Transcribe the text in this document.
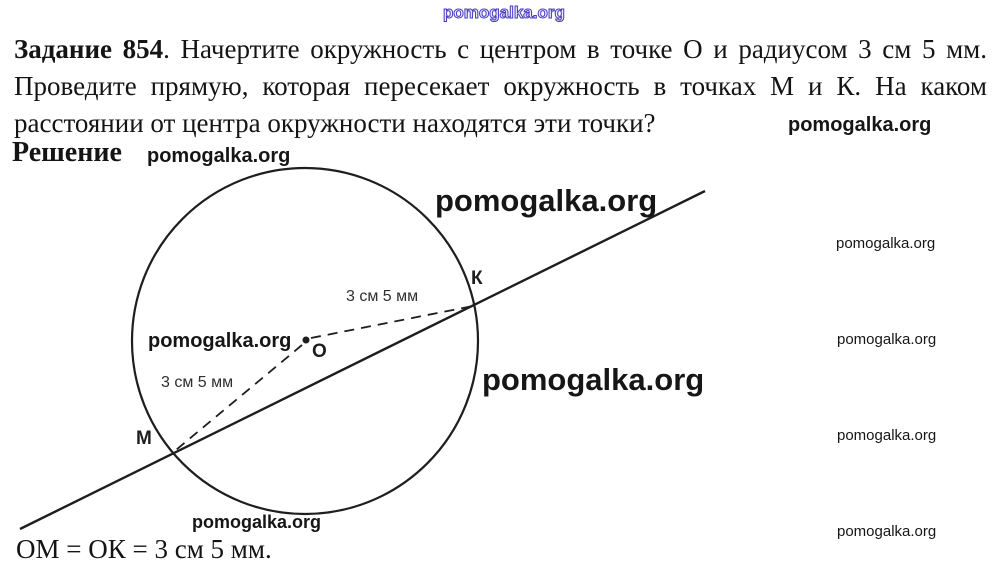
pomogalka.org

Задание 854. Начертите окружность с центром в точке О и радиусом 3 см 5 мм. Проведите прямую, которая пересекает окружность в точках М и К. На каком расстоянии от центра окружности находятся эти точки?	pomogalka.org
Решение pomogalka.org
О
К
М
3 см 5 мм
3 см 5 мм
pomogalka.org
pomogalka.org
pomogalka.org
pomogalka.org
pomogalka.org
pomogalka.org
pomogalka.org
pomogalka.org
ОМ = ОК = 3 см 5 мм.
